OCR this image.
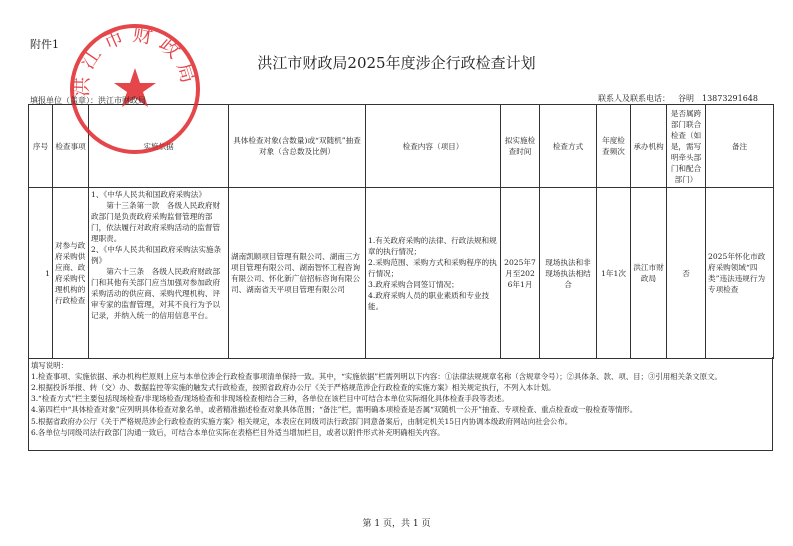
附件1
洪江市财政局2025年度涉企行政检查计划
填报单位（盖章）：洪江市财政局	联系人及联系电话： 谷明 13873291648
序号	检查事项	实施依据	具体检查对象(含数量)或“双随机”抽查对象（含总数及比例）	检查内容（项目）	拟实施检查时间	检查方式	年度检查频次	承办机构	是否属跨部门联合检查（如是，需写明牵头部门和配合部门）	备注
1	对参与政府采购供应商、政府采购代理机构的行政检查	1、《中华人民共和国政府采购法》
第十三条第一款　各级人民政府财政部门是负责政府采购监督管理的部门，依法履行对政府采购活动的监督管理职责。
2、《中华人民共和国政府采购法实施条例》
第六十三条　各级人民政府财政部门和其他有关部门应当加强对参加政府采购活动的供应商、采购代理机构、评审专家的监督管理，对其不良行为予以记录，并纳入统一的信用信息平台。	湖南凯顺项目管理有限公司、湖南三方项目管理有限公司、湖南智怀工程咨询有限公司、怀化新广信招标咨询有限公司、湖南省天平项目管理有限公司	1.有关政府采购的法律、行政法规和规章的执行情况；
2.采购范围、采购方式和采购程序的执行情况；
3.政府采购合同签订情况；
4.政府采购人员的职业素质和专业技能。	2025年7月至2026年1月	现场执法和非现场执法相结合	1年1次	洪江市财政局	否	2025年怀化市政府采购领域“四类”违法违规行为专项检查
填写说明：
1.检查事项、实施依据、承办机构栏原则上应与本单位涉企行政检查事项清单保持一致。其中，“实施依据”栏需列明以下内容：①法律法规规章名称（含规章令号）；②具体条、款、项、目；③引用相关条文原文。
2.根据投诉举报、转（交）办、数据监控等实施的触发式行政检查，按照省政府办公厅《关于严格规范涉企行政检查的实施方案》相关规定执行，不列入本计划。
3.“检查方式”栏主要包括现场检查/非现场检查/现场检查和非现场检查相结合三种，各单位在该栏目中可结合本单位实际细化具体检查手段等表述。
4.第四栏中“具体检查对象”应列明具体检查对象名单，或者精准描述检查对象具体范围；“备注”栏，需明确本项检查是否属“双随机一公开”抽查、专项检查、重点检查或一般检查等情形。
5.根据省政府办公厅《关于严格规范涉企行政检查的实施方案》相关规定，本表应在同级司法行政部门同意备案后，由制定机关15日内协调本级政府网站向社会公布。
6.各单位与同级司法行政部门沟通一致后，可结合本单位实际在表格栏目外适当增加栏目，或者以附件形式补充明确相关内容。
第 1 页，共 1 页
洪 江 市 财 政 局
